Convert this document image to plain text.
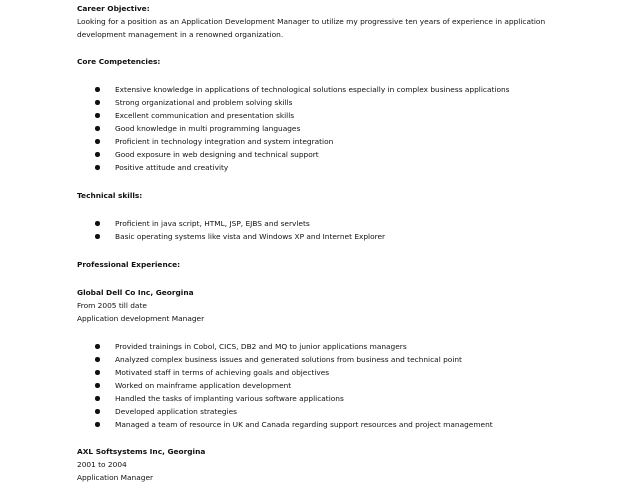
Career Objective:
Looking for a position as an Application Development Manager to utilize my progressive ten years of experience in application
development management in a renowned organization.
Core Competencies:
Extensive knowledge in applications of technological solutions especially in complex business applications
Strong organizational and problem solving skills
Excellent communication and presentation skills
Good knowledge in multi programming languages
Proficient in technology integration and system integration
Good exposure in web designing and technical support
Positive attitude and creativity
Technical skills:
Proficient in java script, HTML, JSP, EJBS and servlets
Basic operating systems like vista and Windows XP and Internet Explorer
Professional Experience:
Global Dell Co Inc, Georgina
From 2005 till date
Application development Manager
Provided trainings in Cobol, CICS, DB2 and MQ to junior applications managers
Analyzed complex business issues and generated solutions from business and technical point
Motivated staff in terms of achieving goals and objectives
Worked on mainframe application development
Handled the tasks of implanting various software applications
Developed application strategies
Managed a team of resource in UK and Canada regarding support resources and project management
AXL Softsystems Inc, Georgina
2001 to 2004
Application Manager
